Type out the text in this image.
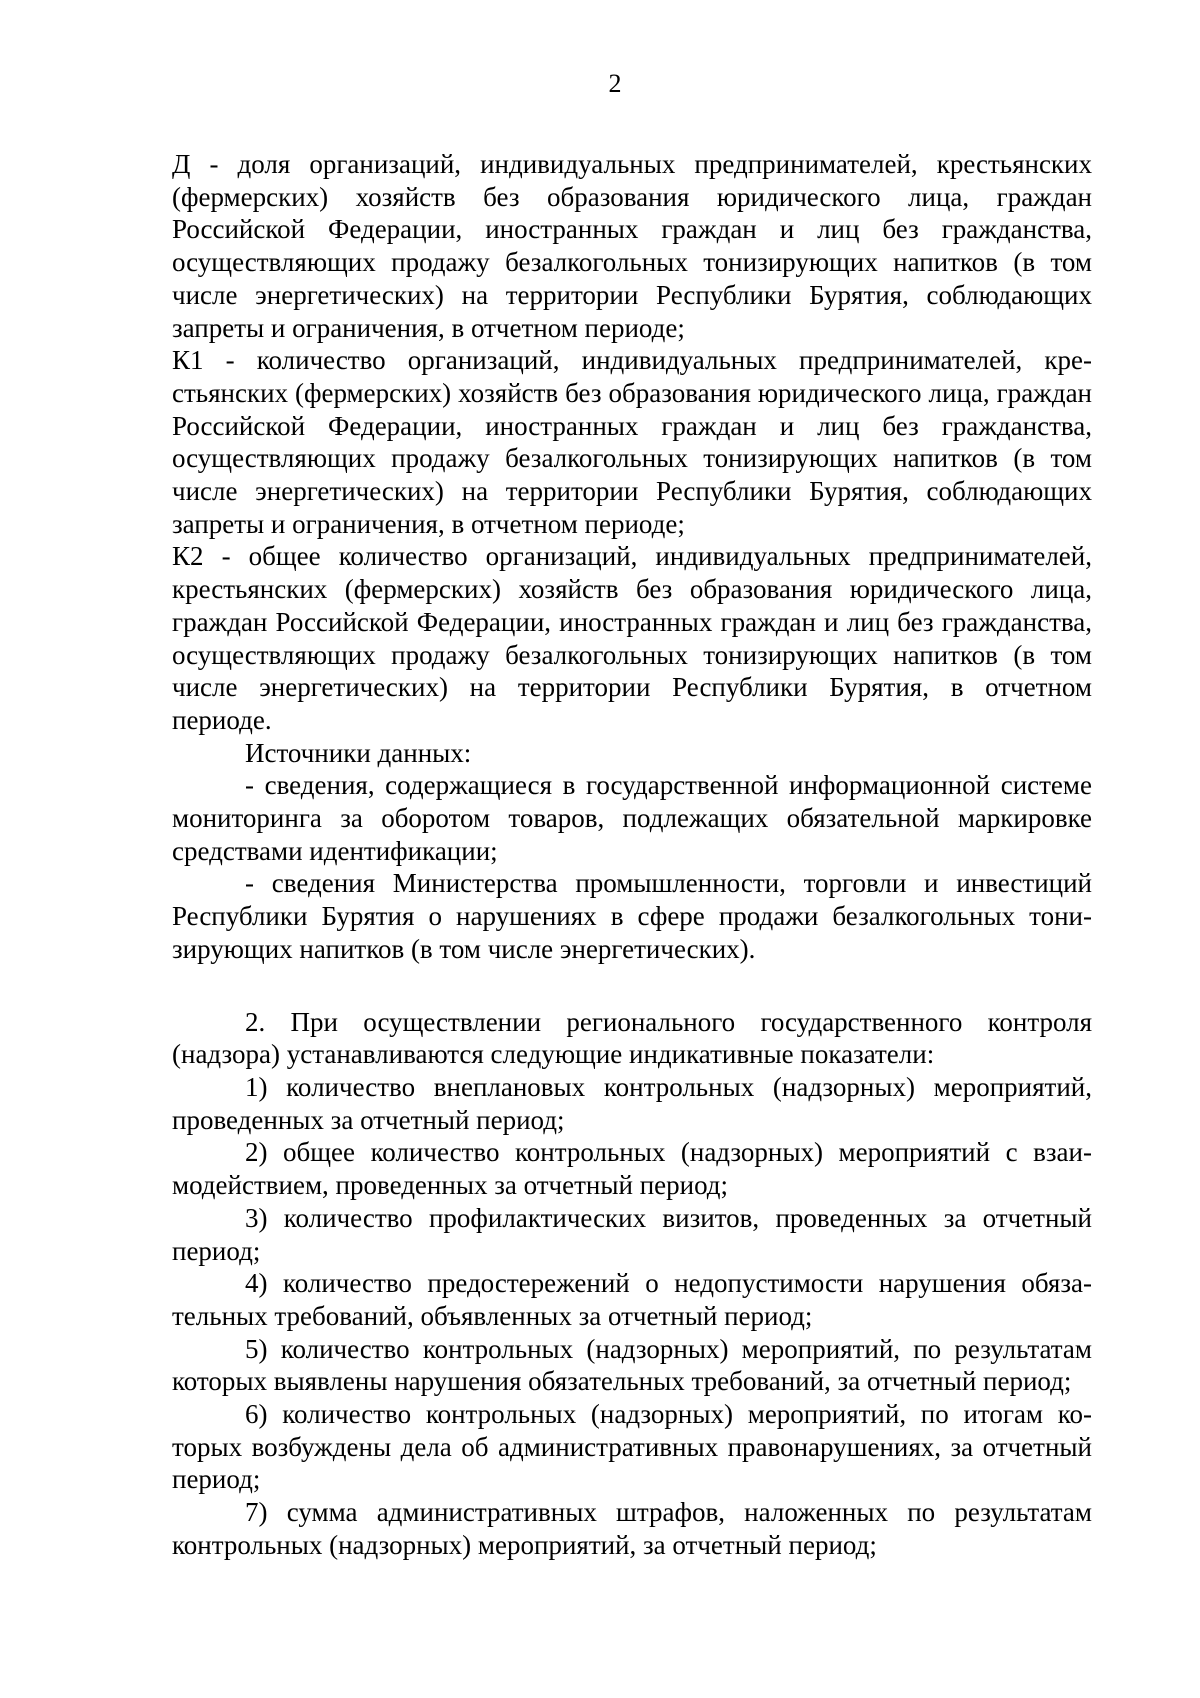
2

Д - доля организаций, индивидуальных предпринимателей, крестьянских (фермерских) хозяйств без образования юридического лица, граждан Российской Федерации, иностранных граждан и лиц без гражданства, осуществляющих продажу безалкогольных тонизирующих напитков (в том числе энергетических) на территории Республики Бурятия, соблюдающих запреты и ограничения, в отчетном периоде;

К1 - количество организаций, индивидуальных предпринимателей, крестьянских (фермерских) хозяйств без образования юридического лица, граждан Российской Федерации, иностранных граждан и лиц без гражданства, осуществляющих продажу безалкогольных тонизирующих напитков (в том числе энергетических) на территории Республики Бурятия, соблюдающих запреты и ограничения, в отчетном периоде;

К2 - общее количество организаций, индивидуальных предпринимателей, крестьянских (фермерских) хозяйств без образования юридического лица, граждан Российской Федерации, иностранных граждан и лиц без гражданства, осуществляющих продажу безалкогольных тонизирующих напитков (в том числе энергетических) на территории Республики Бурятия, в отчетном периоде.

Источники данных:

- сведения, содержащиеся в государственной информационной системе мониторинга за оборотом товаров, подлежащих обязательной маркировке средствами идентификации;

- сведения Министерства промышленности, торговли и инвестиций Республики Бурятия о нарушениях в сфере продажи безалкогольных тонизирующих напитков (в том числе энергетических).

2. При осуществлении регионального государственного контроля (надзора) устанавливаются следующие индикативные показатели:

1) количество внеплановых контрольных (надзорных) мероприятий, проведенных за отчетный период;

2) общее количество контрольных (надзорных) мероприятий с взаимодействием, проведенных за отчетный период;

3) количество профилактических визитов, проведенных за отчетный период;

4) количество предостережений о недопустимости нарушения обязательных требований, объявленных за отчетный период;

5) количество контрольных (надзорных) мероприятий, по результатам которых выявлены нарушения обязательных требований, за отчетный период;

6) количество контрольных (надзорных) мероприятий, по итогам которых возбуждены дела об административных правонарушениях, за отчетный период;

7) сумма административных штрафов, наложенных по результатам контрольных (надзорных) мероприятий, за отчетный период;
